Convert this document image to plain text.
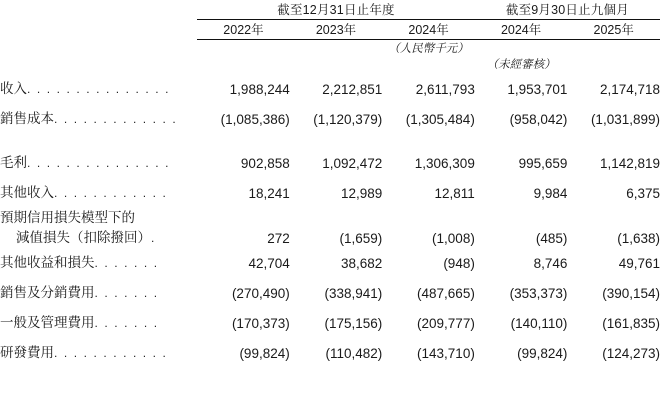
	截至12月31日止年度			截至9月30日止九個月	

	2022年	2023年	2024年	2024年	2025年

			（人民幣千元）		
				（未經審核）	
收入. . . . . . . . . . . . . . .	1,988,244	2,212,851	2,611,793	1,953,701	2,174,718
銷售成本. . . . . . . . . . . . .	(1,085,386)	(1,120,379)	(1,305,484)	(958,042)	(1,031,899)

毛利. . . . . . . . . . . . . . .	902,858	1,092,472	1,306,309	995,659	1,142,819
其他收入. . . . . . . . . . . .	18,241	12,989	12,811	9,984	6,375
預期信用損失模型下的					
減值損失（扣除撥回）.	272	(1,659)	(1,008)	(485)	(1,638)
其他收益和損失. . . . . . .	42,704	38,682	(948)	8,746	49,761
銷售及分銷費用. . . . . . .	(270,490)	(338,941)	(487,665)	(353,373)	(390,154)
一般及管理費用. . . . . . .	(170,373)	(175,156)	(209,777)	(140,110)	(161,835)
研發費用. . . . . . . . . . . .	(99,824)	(110,482)	(143,710)	(99,824)	(124,273)
